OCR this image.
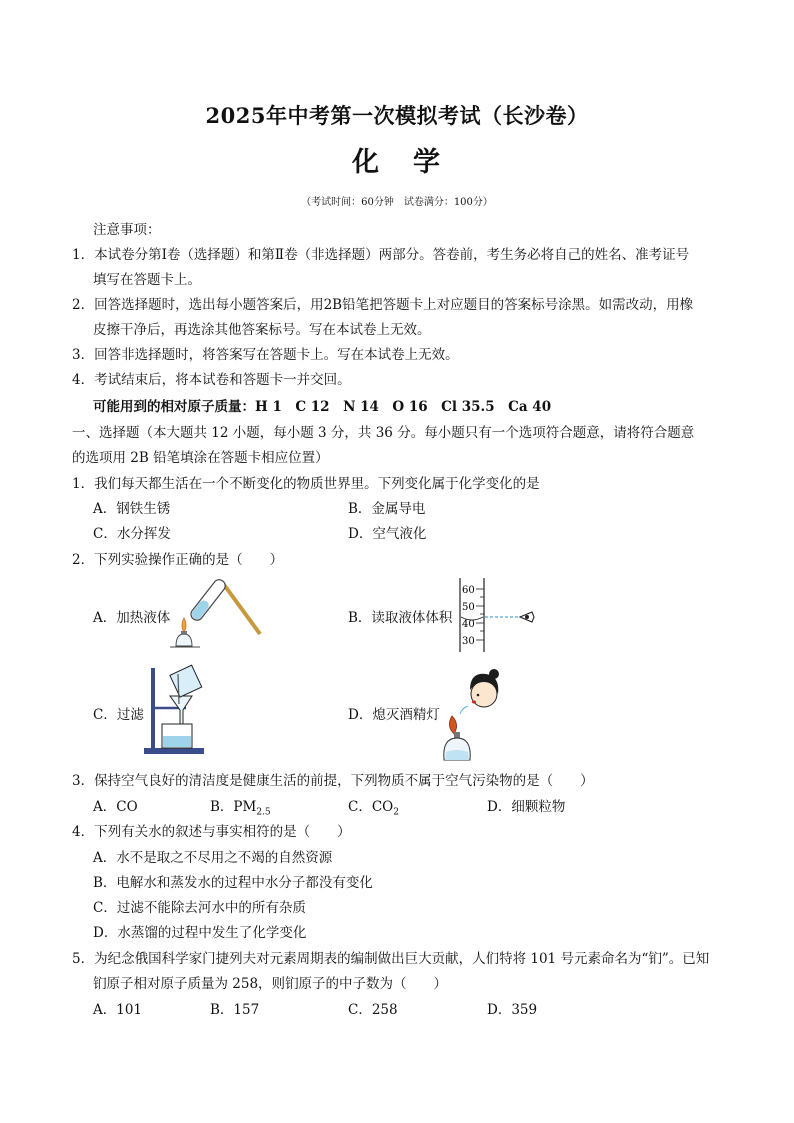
2025年中考第一次模拟考试（长沙卷）
化 学
（考试时间：60分钟　试卷满分：100分）
注意事项：
1．本试卷分第Ⅰ卷（选择题）和第Ⅱ卷（非选择题）两部分。答卷前，考生务必将自己的姓名、准考证号
填写在答题卡上。
2．回答选择题时，选出每小题答案后，用2B铅笔把答题卡上对应题目的答案标号涂黑。如需改动，用橡
皮擦干净后，再选涂其他答案标号。写在本试卷上无效。
3．回答非选择题时，将答案写在答题卡上。写在本试卷上无效。
4．考试结束后，将本试卷和答题卡一并交回。
可能用到的相对原子质量：H 1　C 12　N 14　O 16　Cl 35.5　Ca 40
一、选择题（本大题共 12 小题，每小题 3 分，共 36 分。每小题只有一个选项符合题意，请将符合题意
的选项用 2B 铅笔填涂在答题卡相应位置）
1．我们每天都生活在一个不断变化的物质世界里。下列变化属于化学变化的是
A．钢铁生锈	B．金属导电
C．水分挥发	D．空气液化
2．下列实验操作正确的是（　　）
A．加热液体	B．读取液体体积
C．过滤	D．熄灭酒精灯
60
50
40
30
3．保持空气良好的清洁度是健康生活的前提，下列物质不属于空气污染物的是（　　）
A．CO	B．$PM_{2.5}$	C．$CO_2$	D．细颗粒物
4．下列有关水的叙述与事实相符的是（　　）
A．水不是取之不尽用之不竭的自然资源
B．电解水和蒸发水的过程中水分子都没有变化
C．过滤不能除去河水中的所有杂质
D．水蒸馏的过程中发生了化学变化
5．为纪念俄国科学家门捷列夫对元素周期表的编制做出巨大贡献，人们特将 101 号元素命名为“钔”。已知
钔原子相对原子质量为 258，则钔原子的中子数为（　　）
A．101	B．157	C．258	D．359
